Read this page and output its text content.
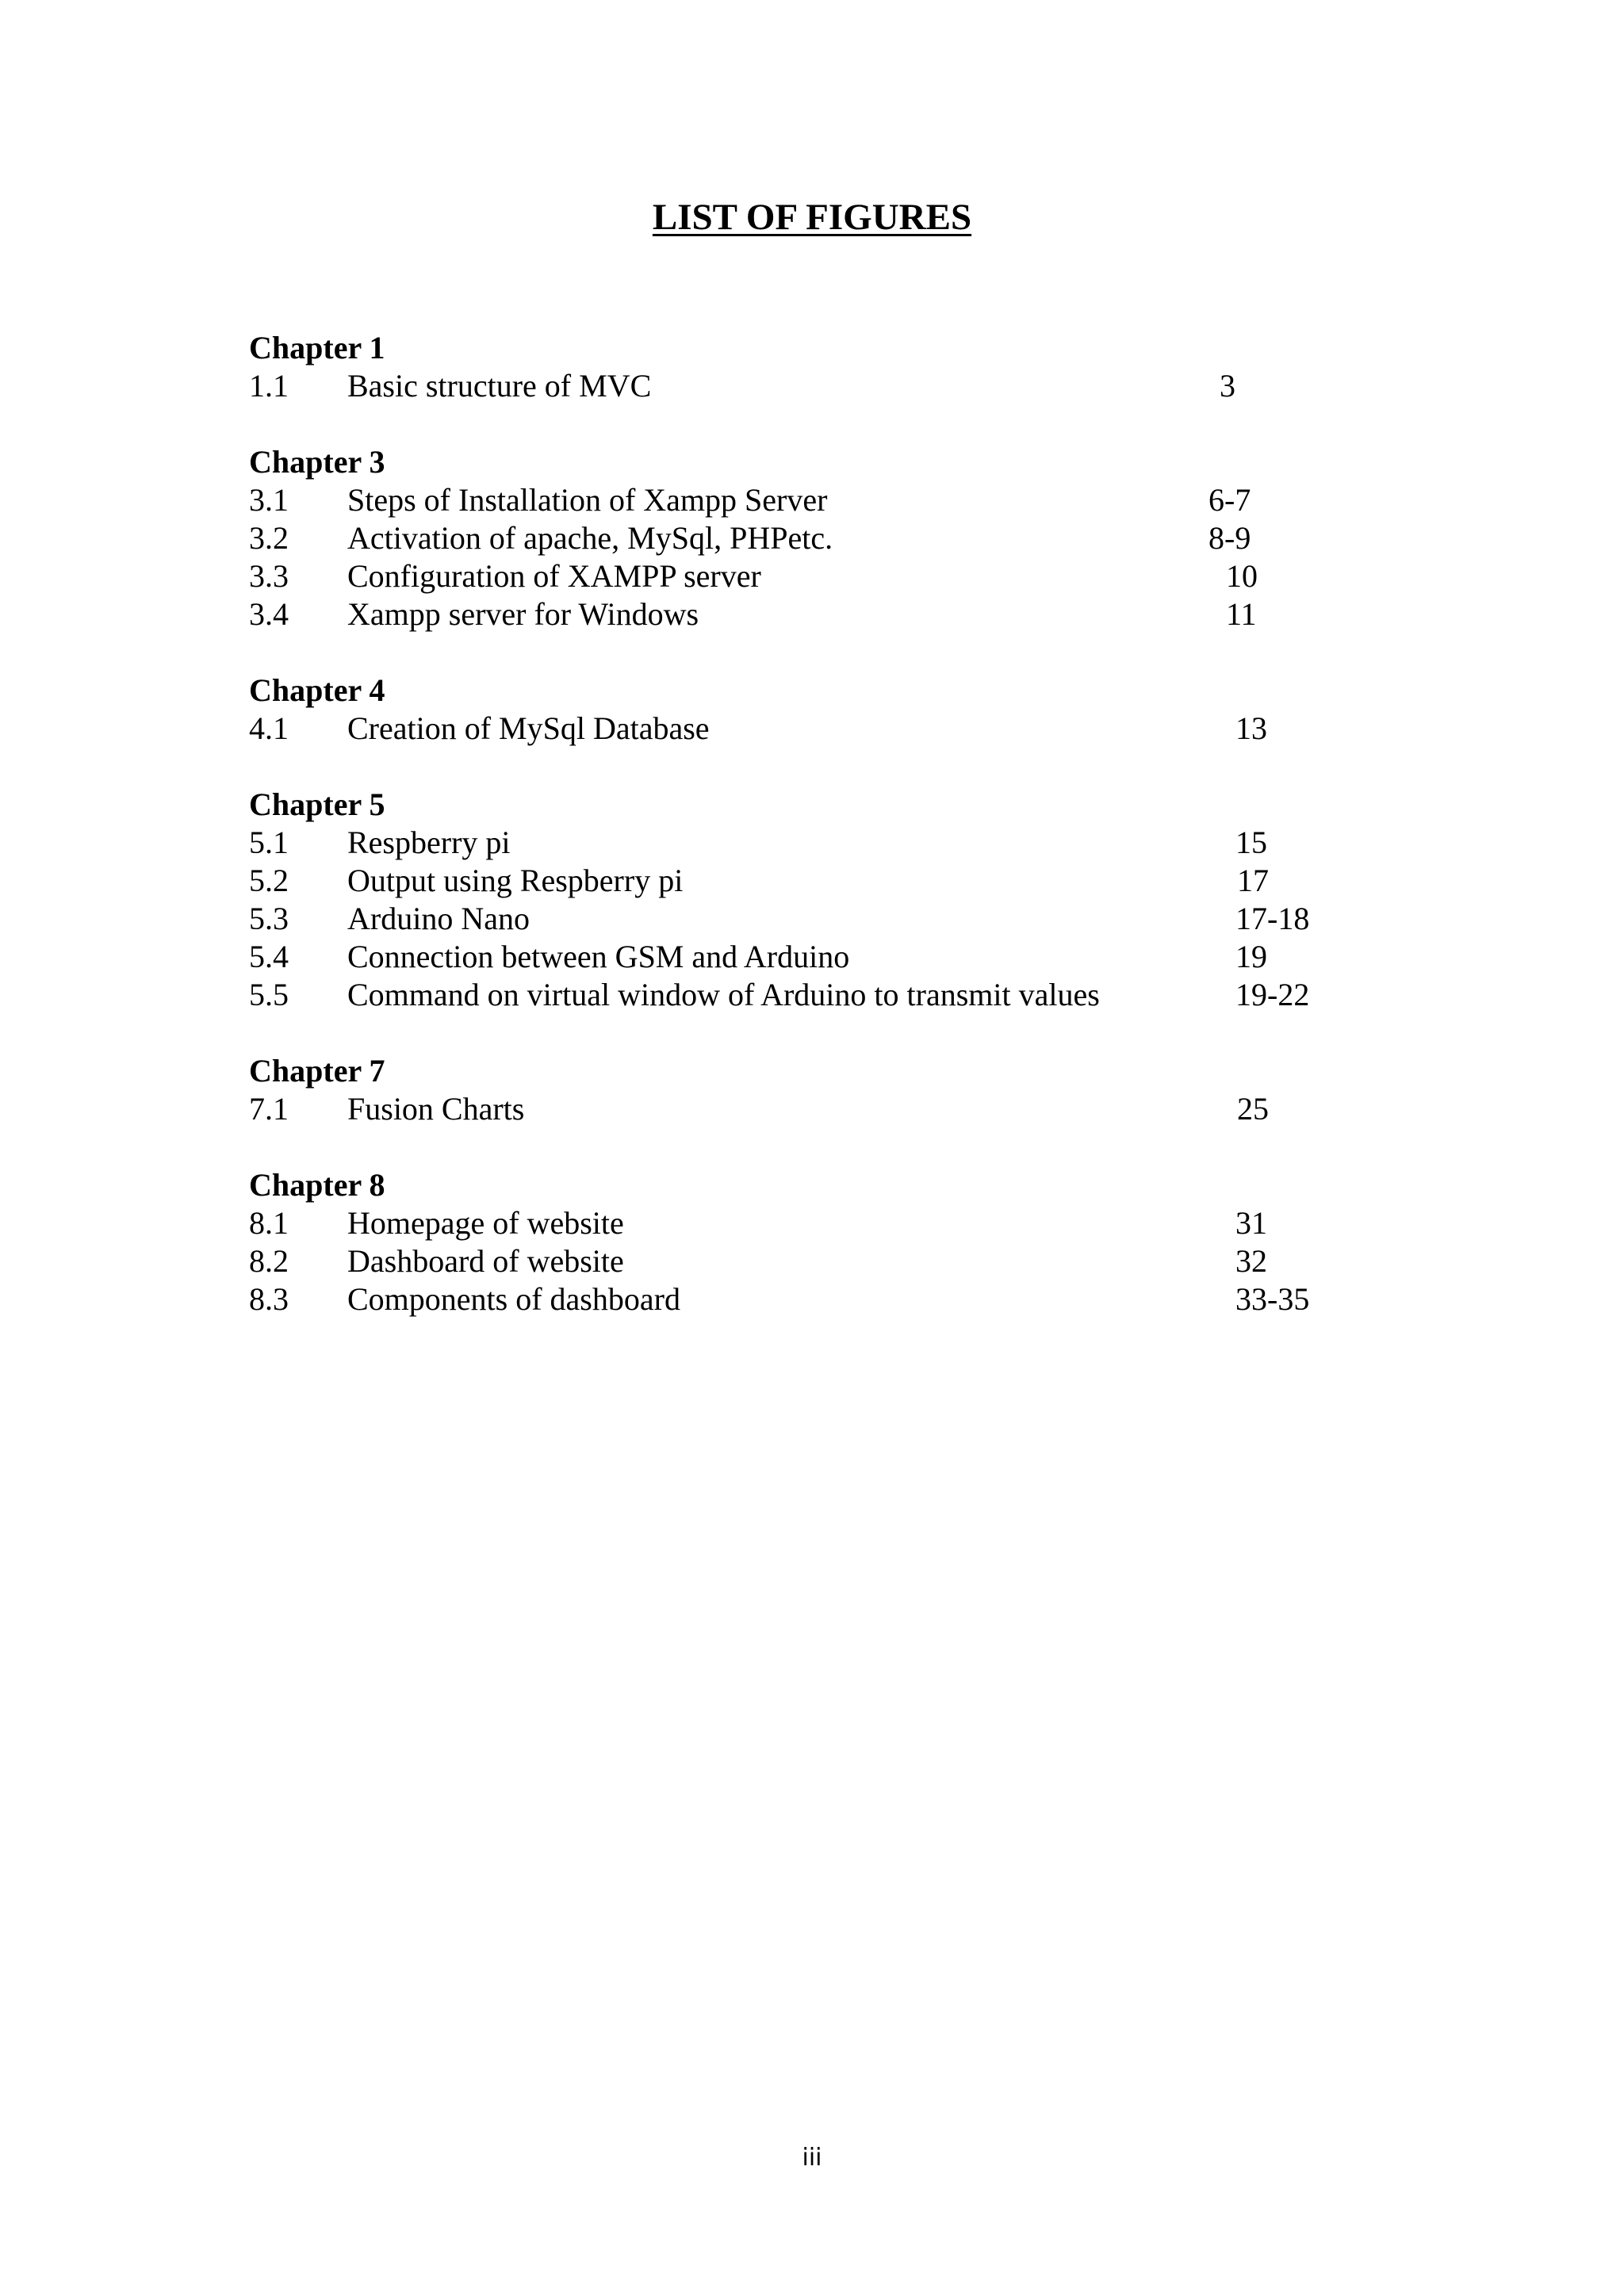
LIST OF FIGURES
Chapter 1
1.1 Basic structure of MVC	3
Chapter 3
3.1 Steps of Installation of Xampp Server	6-7
3.2 Activation of apache, MySql, PHPetc.	8-9
3.3 Configuration of XAMPP server	10
3.4 Xampp server for Windows	11
Chapter 4
4.1 Creation of MySql Database	13
Chapter 5
5.1 Respberry pi	15
5.2 Output using Respberry pi	17
5.3 Arduino Nano	17-18
5.4 Connection between GSM and Arduino	19
5.5 Command on virtual window of Arduino to transmit values	19-22
Chapter 7
7.1 Fusion Charts	25
Chapter 8
8.1 Homepage of website	31
8.2 Dashboard of website	32
8.3 Components of dashboard	33-35
iii
